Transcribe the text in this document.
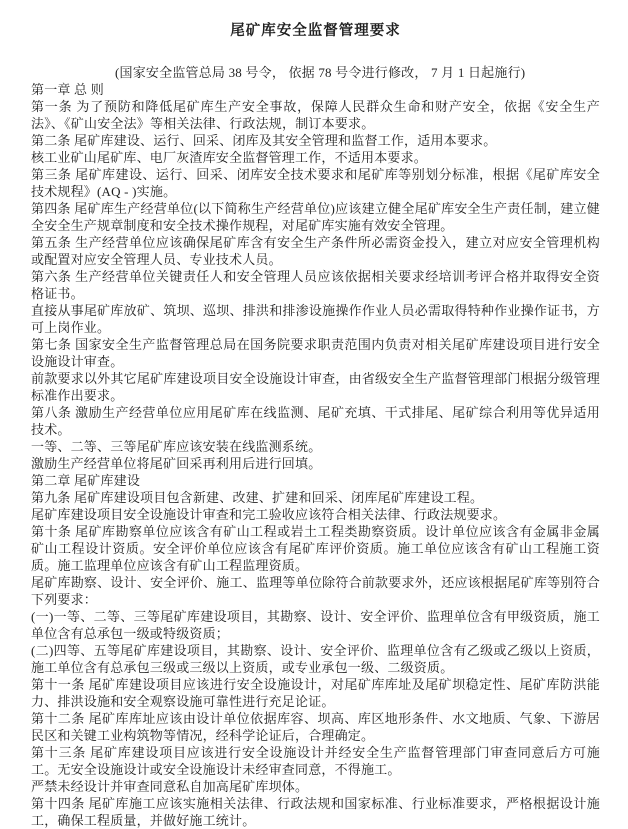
尾矿库安全监督管理要求

(国家安全监管总局 38 号令， 依据 78 号令进行修改， 7 月 1 日起施行)

第一章 总 则

第一条 为了预防和降低尾矿库生产安全事故，保障人民群众生命和财产安全，依据《安全生产法》、《矿山安全法》等相关法律、行政法规，制订本要求。

第二条 尾矿库建设、运行、回采、闭库及其安全管理和监督工作，适用本要求。

核工业矿山尾矿库、电厂灰渣库安全监督管理工作，不适用本要求。

第三条 尾矿库建设、运行、回采、闭库安全技术要求和尾矿库等别划分标准，根据《尾矿库安全技术规程》(AQ - )实施。

第四条 尾矿库生产经营单位(以下简称生产经营单位)应该建立健全尾矿库安全生产责任制，建立健全安全生产规章制度和安全技术操作规程，对尾矿库实施有效安全管理。

第五条 生产经营单位应该确保尾矿库含有安全生产条件所必需资金投入，建立对应安全管理机构或配置对应安全管理人员、专业技术人员。

第六条 生产经营单位关键责任人和安全管理人员应该依据相关要求经培训考评合格并取得安全资格证书。

直接从事尾矿库放矿、筑坝、巡坝、排洪和排渗设施操作作业人员必需取得特种作业操作证书，方可上岗作业。

第七条 国家安全生产监督管理总局在国务院要求职责范围内负责对相关尾矿库建设项目进行安全设施设计审查。

前款要求以外其它尾矿库建设项目安全设施设计审查，由省级安全生产监督管理部门根据分级管理标准作出要求。

第八条 激励生产经营单位应用尾矿库在线监测、尾矿充填、干式排尾、尾矿综合利用等优异适用技术。

一等、二等、三等尾矿库应该安装在线监测系统。

激励生产经营单位将尾矿回采再利用后进行回填。

第二章 尾矿库建设

第九条 尾矿库建设项目包含新建、改建、扩建和回采、闭库尾矿库建设工程。

尾矿库建设项目安全设施设计审查和完工验收应该符合相关法律、行政法规要求。

第十条 尾矿库勘察单位应该含有矿山工程或岩土工程类勘察资质。设计单位应该含有金属非金属矿山工程设计资质。安全评价单位应该含有尾矿库评价资质。施工单位应该含有矿山工程施工资质。施工监理单位应该含有矿山工程监理资质。

尾矿库勘察、设计、安全评价、施工、监理等单位除符合前款要求外，还应该根据尾矿库等别符合下列要求：

(一)一等、二等、三等尾矿库建设项目，其勘察、设计、安全评价、监理单位含有甲级资质，施工单位含有总承包一级或特级资质；

(二)四等、五等尾矿库建设项目，其勘察、设计、安全评价、监理单位含有乙级或乙级以上资质，施工单位含有总承包三级或三级以上资质，或专业承包一级、二级资质。

第十一条 尾矿库建设项目应该进行安全设施设计，对尾矿库库址及尾矿坝稳定性、尾矿库防洪能力、排洪设施和安全观察设施可靠性进行充足论证。

第十二条 尾矿库库址应该由设计单位依据库容、坝高、库区地形条件、水文地质、气象、下游居民区和关键工业构筑物等情况，经科学论证后，合理确定。

第十三条 尾矿库建设项目应该进行安全设施设计并经安全生产监督管理部门审查同意后方可施工。无安全设施设计或安全设施设计未经审查同意，不得施工。

严禁未经设计并审查同意私自加高尾矿库坝体。

第十四条 尾矿库施工应该实施相关法律、行政法规和国家标准、行业标准要求，严格根据设计施工，确保工程质量，并做好施工统计。
